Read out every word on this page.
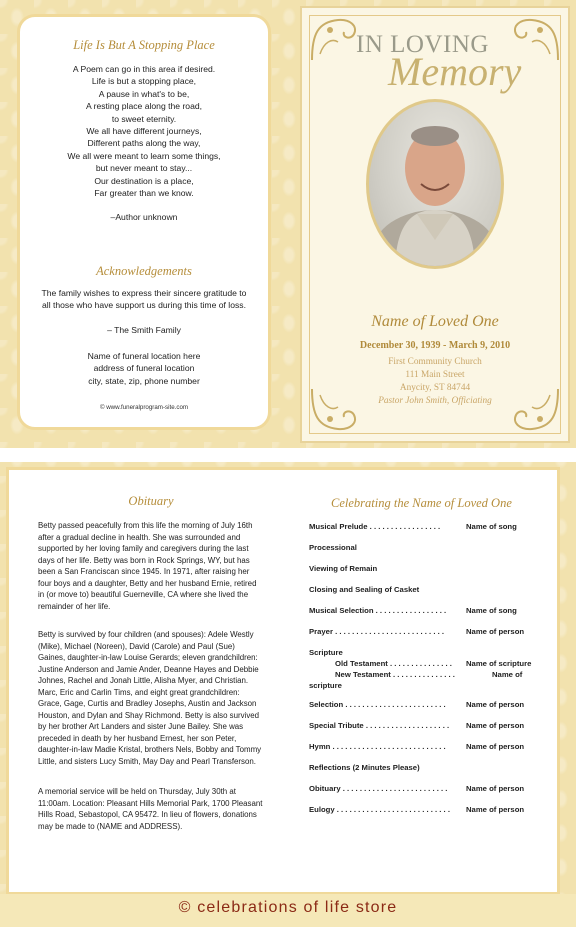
Life Is But A Stopping Place
A Poem can go in this area if desired.
Life is but a stopping place,
A pause in what's to be,
A resting place along the road,
to sweet eternity.
We all have different journeys,
Different paths along the way,
We all were meant to learn some things,
but never meant to stay...
Our destination is a place,
Far greater than we know.
–Author unknown
Acknowledgements
The family wishes to express their sincere gratitude to all those who have support us during this time of loss.
– The Smith Family
Name of funeral location here
address of funeral location
city, state, zip, phone number
© www.funeralprogram-site.com
IN LOVING
Memory
Name of Loved One
December 30, 1939 - March 9, 2010
First Community Church
111 Main Street
Anycity, ST 84744
Pastor John Smith, Officiating
Obituary
Betty passed peacefully from this life the morning of July 16th after a gradual decline in health. She was surrounded and supported by her loving family and caregivers during the last days of her life. Betty was born in Rock Springs, WY, but has been a San Franciscan since 1945. In 1971, after raising her four boys and a daughter, Betty and her husband Ernie, retired in (or move to) beautiful Guerneville, CA where she lived the remainder of her life.
Betty is survived by four children (and spouses): Adele Westly (Mike), Michael (Noreen), David (Carole) and Paul (Sue) Gaines, daughter-in-law Louise Gerards; eleven grandchildren: Justine Anderson and Jamie Ander, Deanne Hayes and Debbie Johnes, Rachel and Jonah Little, Alisha Myer, and Christian. Marc, Eric and Carlin Tims, and eight great grandchildren: Grace, Gage, Curtis and Bradley Josephs, Austin and Jackson Houston, and Dylan and Shay Richmond. Betty is also survived by her brother Art Landers and sister June Bailey. She was preceded in death by her husband Ernest, her son Peter, daughter-in-law Madie Kristal, brothers Nels, Bobby and Tommy Little, and sisters Lucy Smith, May Day and Pearl Transferson.
A memorial service will be held on Thursday, July 30th at 11:00am. Location: Pleasant Hills Memorial Park, 1700 Pleasant Hills Road, Sebastopol, CA 95472. In lieu of flowers, donations may be made to (NAME and ADDRESS).
Celebrating the Name of Loved One
Musical Prelude . . . . . . . . . . . . . . . . .	Name of song
Processional
Viewing of Remain
Closing and Sealing of Casket
Musical Selection . . . . . . . . . . . . . . . . .	Name of song
Prayer . . . . . . . . . . . . . . . . . . . . . . . . . .	Name of person
Scripture
Old Testament . . . . . . . . . . . . . . . Name of scripture
New Testament . . . . . . . . . . . . . . .	Name of
scripture
Selection . . . . . . . . . . . . . . . . . . . . . . . .	Name of person
Special Tribute . . . . . . . . . . . . . . . . . . . . Name of person
Hymn . . . . . . . . . . . . . . . . . . . . . . . . . . .	Name of person
Reflections (2 Minutes Please)
Obituary . . . . . . . . . . . . . . . . . . . . . . . . . Name of person
Eulogy . . . . . . . . . . . . . . . . . . . . . . . . . . . Name of person
© celebrations of life store
